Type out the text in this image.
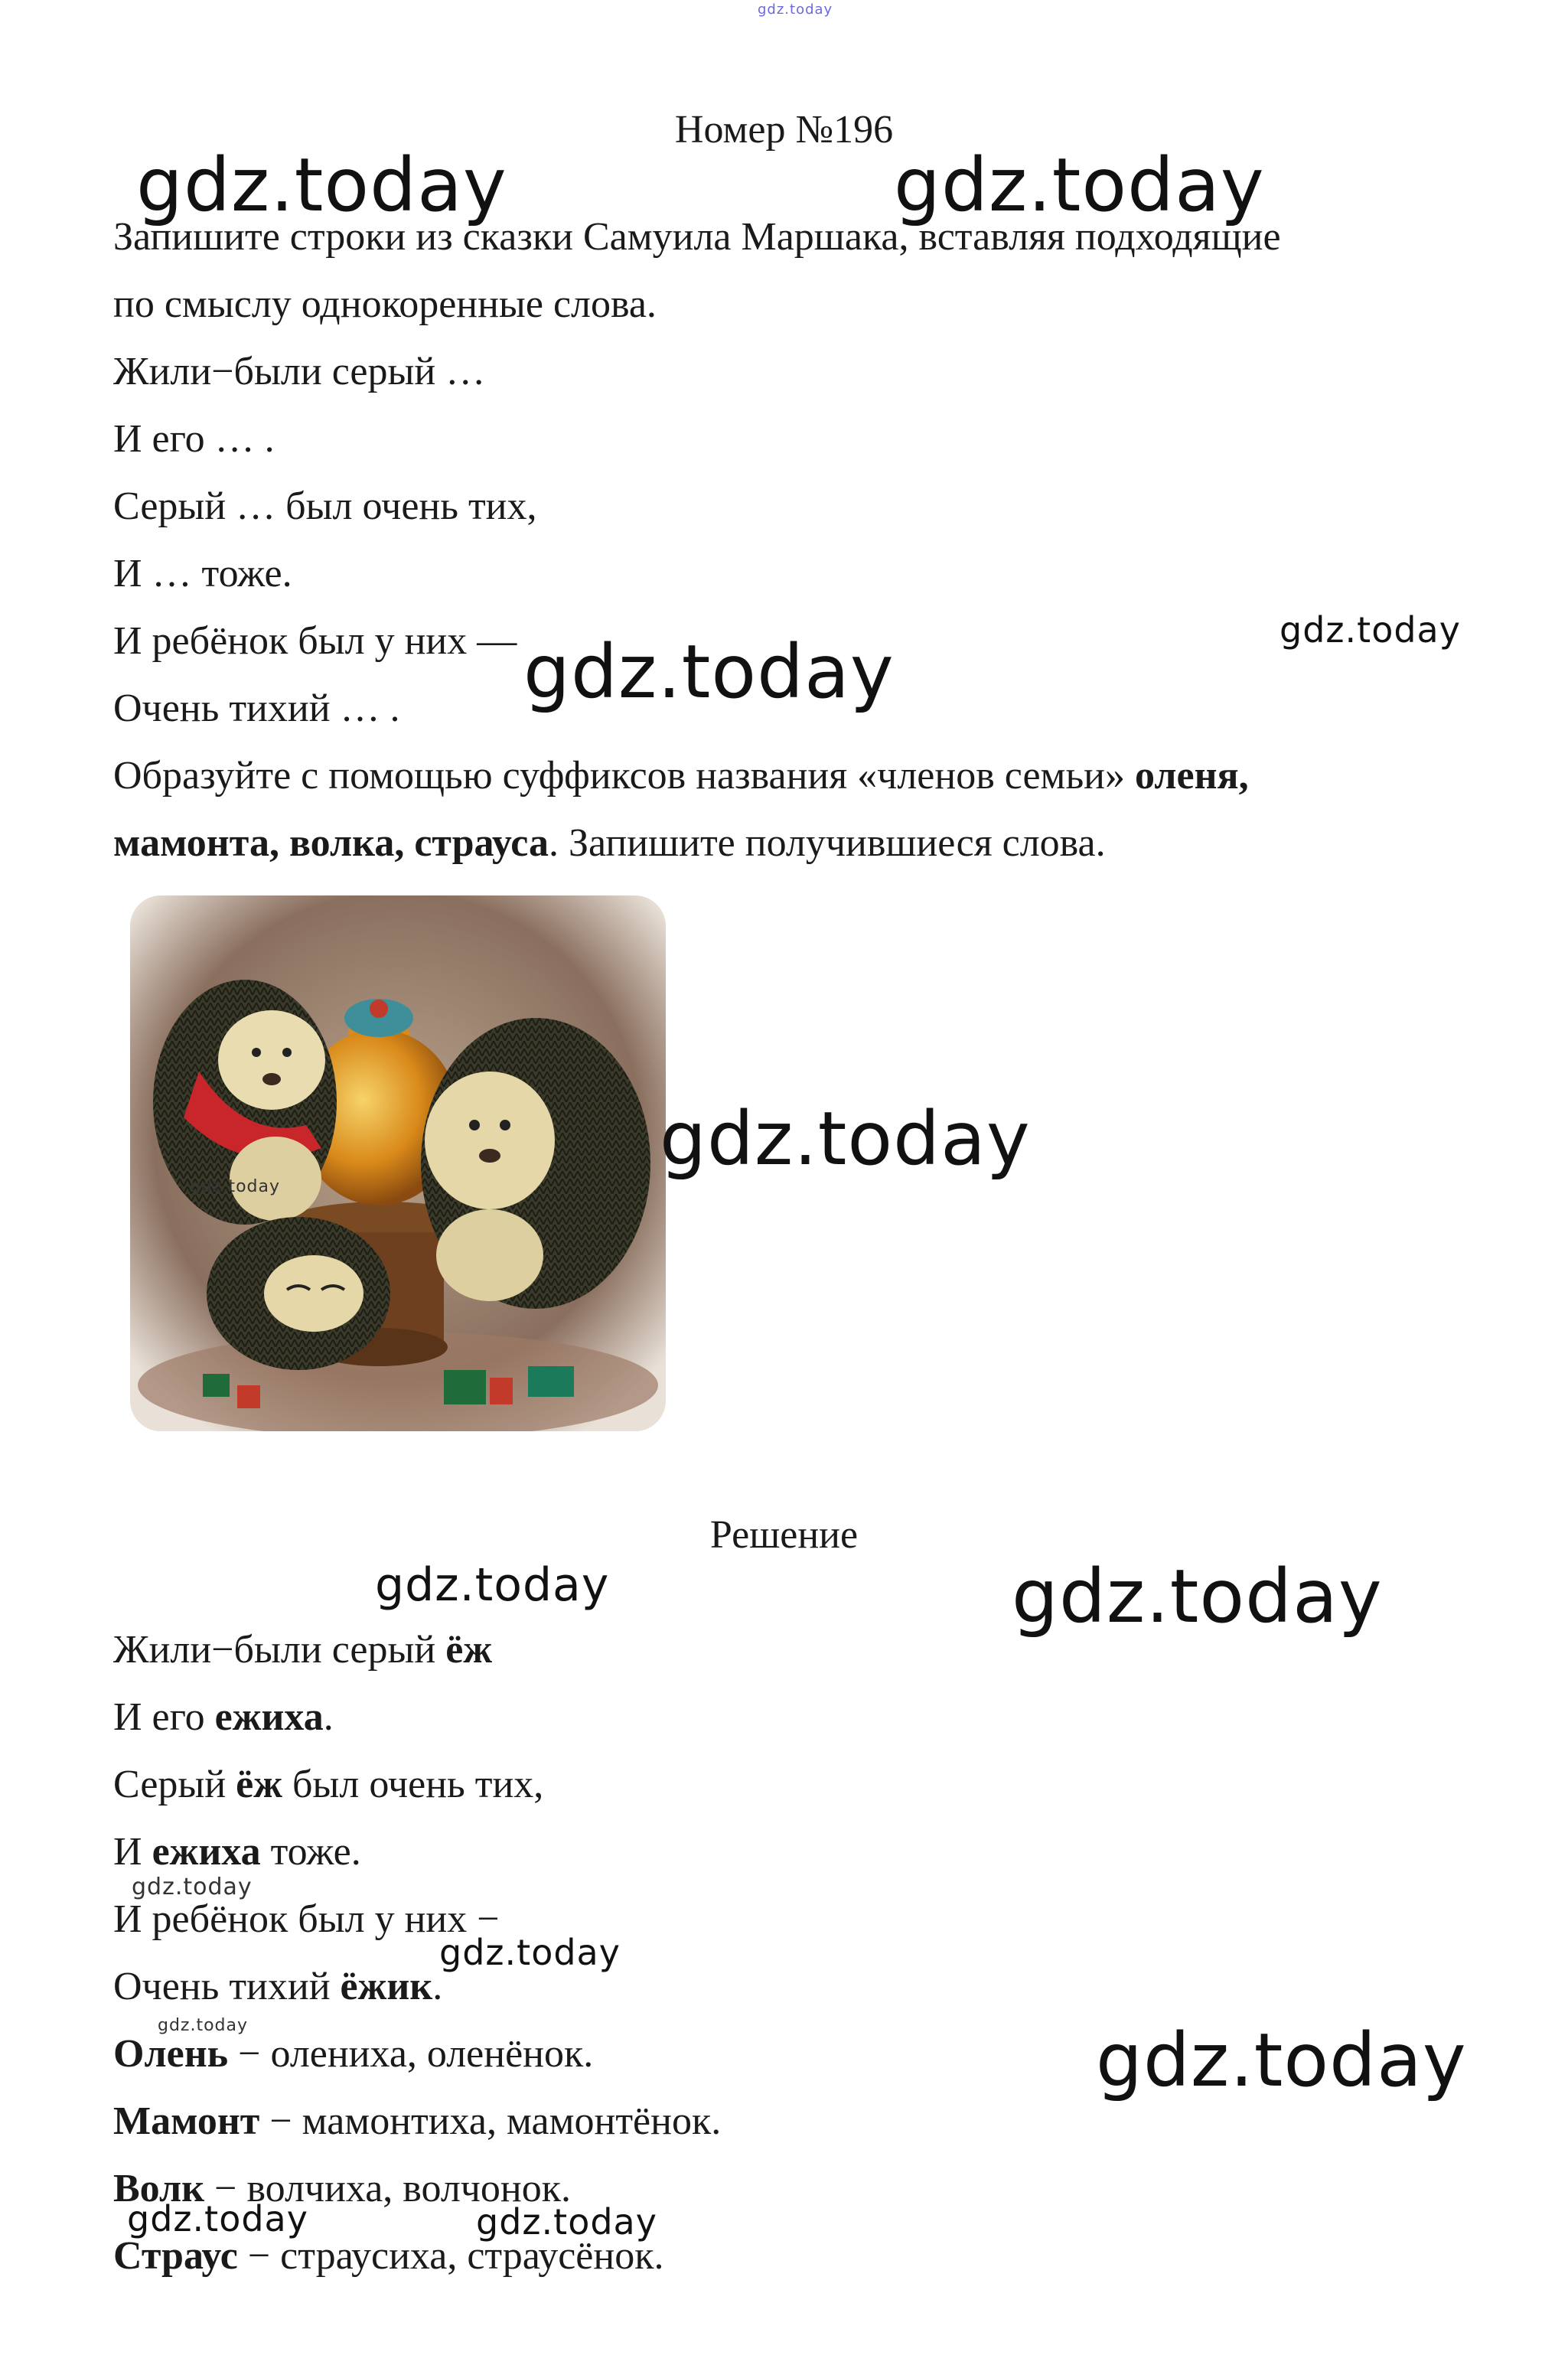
gdz.today
Номер №196
Запишите строки из сказки Самуила Маршака, вставляя подходящие
по смыслу однокоренные слова.
Жили−были серый …
И его … .
Серый … был очень тих,
И … тоже.
И ребёнок был у них —
Очень тихий … .
Образуйте с помощью суффиксов названия «членов семьи» оленя,
мамонта, волка, страуса. Запишите получившиеся слова.
gdz.today
Решение
Жили−были серый ёж
И его ежиха.
Серый ёж был очень тих,
И ежиха тоже.
И ребёнок был у них −
Очень тихий ёжик.
Олень − олениха, оленёнок.
Мамонт − мамонтиха, мамонтёнок.
Волк − волчиха, волчонок.
Страус − страусиха, страусёнок.
gdz.today	gdz.today
gdz.today
gdz.today
gdz.today
gdz.today	gdz.today
gdz.today
gdz.today
gdz.today	gdz.today
gdz.today	gdz.today
